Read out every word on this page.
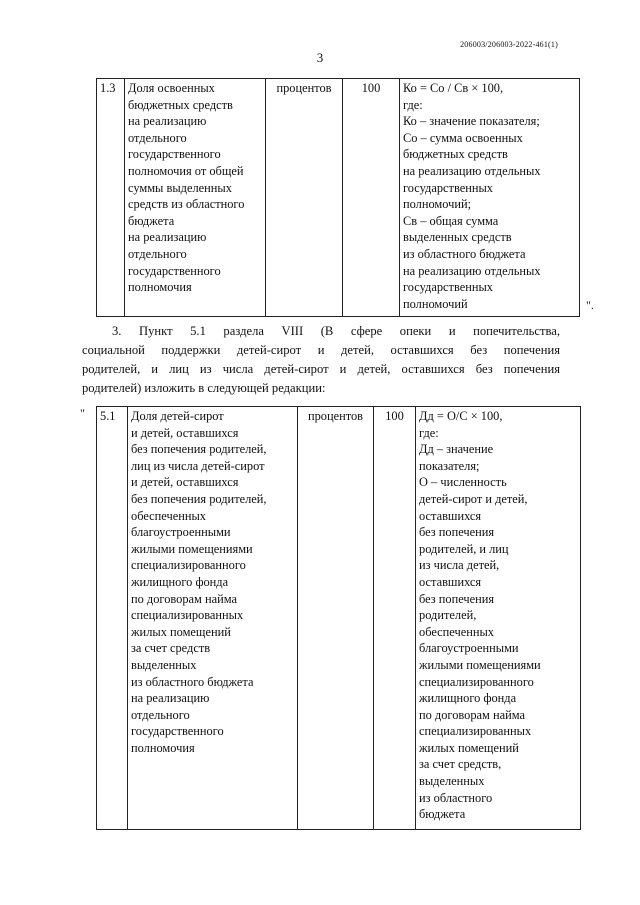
206003/206003-2022-461(1)
3
1.3	Доля освоенных
бюджетных средств
на реализацию
отдельного
государственного
полномочия от общей
суммы выделенных
средств из областного
бюджета
на реализацию
отдельного
государственного
полномочия
	процентов	100	Ко = Со / Св × 100,
где:
Ко – значение показателя;
Со – сумма освоенных
бюджетных средств
на реализацию отдельных
государственных
полномочий;
Св – общая сумма
выделенных средств
из областного бюджета
на реализацию отдельных
государственных
полномочий	".
3. Пункт 5.1 раздела VIII (В сфере опеки и попечительства,
социальной поддержки детей-сирот и детей, оставшихся без попечения
родителей, и лиц из числа детей-сирот и детей, оставшихся без попечения
родителей) изложить в следующей редакции:
" 5.1	Доля детей-сирот
и детей, оставшихся
без попечения родителей,
лиц из числа детей-сирот
и детей, оставшихся
без попечения родителей,
обеспеченных
благоустроенными
жилыми помещениями
специализированного
жилищного фонда
по договорам найма
специализированных
жилых помещений
за счет средств
выделенных
из областного бюджета
на реализацию
отдельного
государственного
полномочия
	процентов	100	Дд = О/С × 100,
где:
Дд – значение
показателя;
О – численность
детей-сирот и детей,
оставшихся
без попечения
родителей, и лиц
из числа детей,
оставшихся
без попечения
родителей,
обеспеченных
благоустроенными
жилыми помещениями
специализированного
жилищного фонда
по договорам найма
специализированных
жилых помещений
за счет средств,
выделенных
из областного
бюджета
